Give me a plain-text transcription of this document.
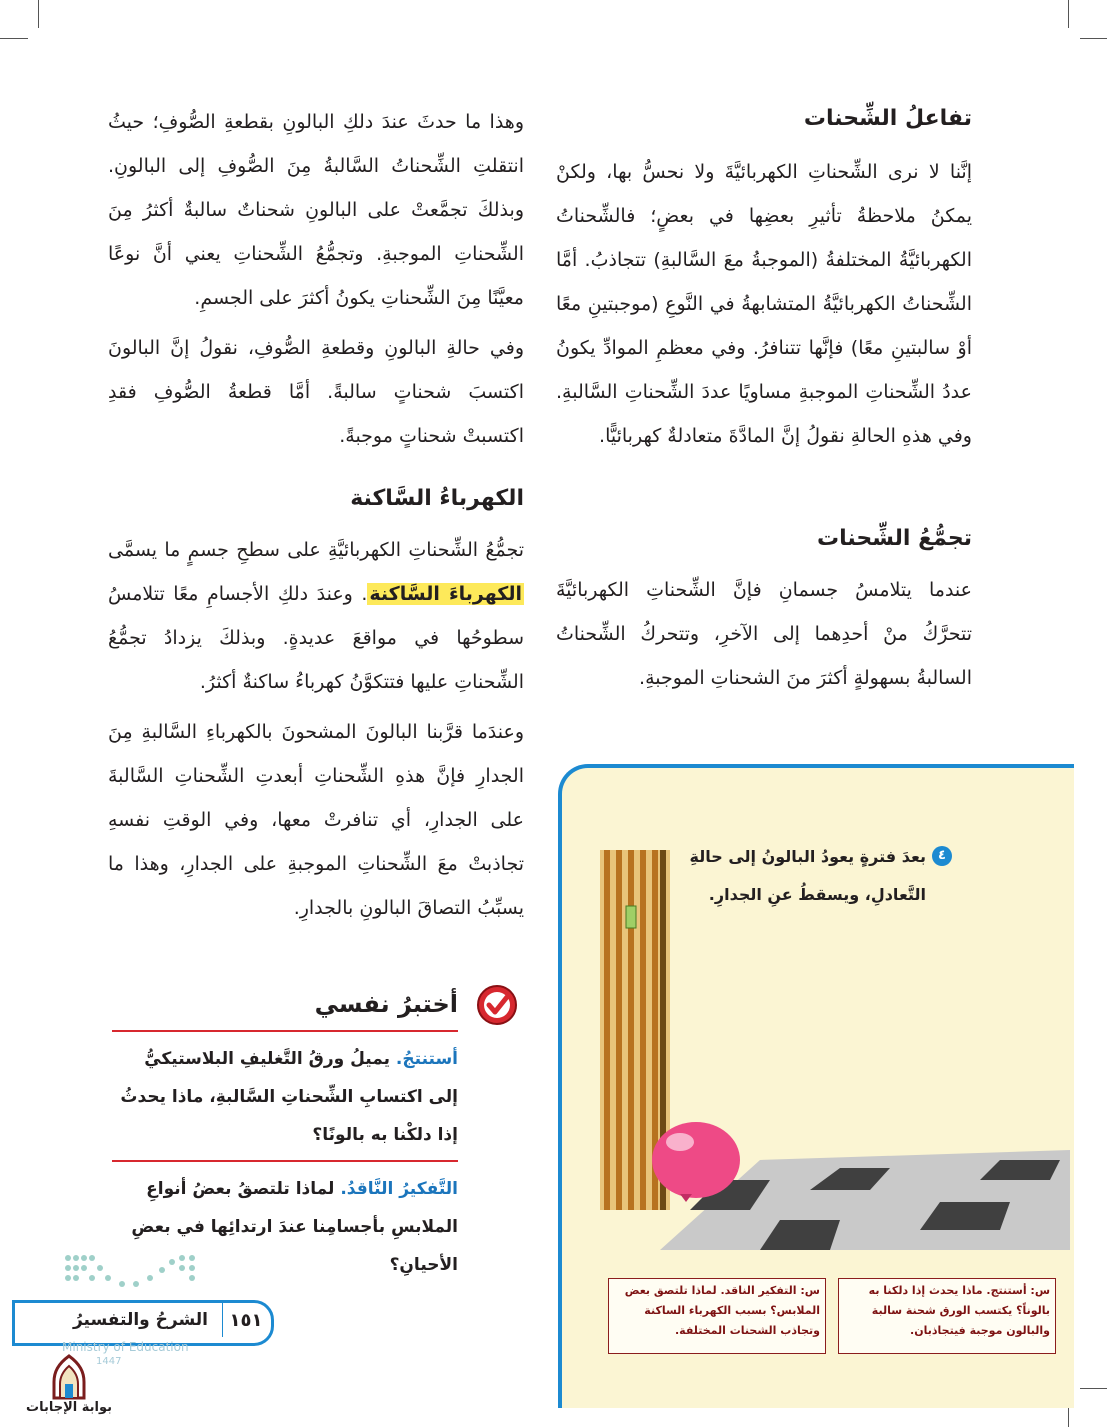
تفاعلُ الشِّحنات
إنَّنا لا نرى الشِّحناتِ الكهربائيَّةَ ولا نحسُّ بها، ولكنْ يمكنُ ملاحظةُ تأثيرِ بعضِها في بعضٍ؛ فالشِّحناتُ الكهربائيَّةُ المختلفةُ (الموجبةُ معَ السَّالبةِ) تتجاذبُ. أمَّا الشِّحناتُ الكهربائيَّةُ المتشابهةُ في النَّوعِ (موجبتينِ معًا أوْ سالبتينِ معًا) فإنَّها تتنافرُ. وفي معظمِ الموادِّ يكونُ عددُ الشِّحناتِ الموجبةِ مساويًا عددَ الشِّحناتِ السَّالبةِ. وفي هذهِ الحالةِ نقولُ إنَّ المادَّةَ متعادلةٌ كهربائيًّا.
تجمُّعُ الشِّحنات
عندما يتلامسُ جسمانِ فإنَّ الشِّحناتِ الكهربائيَّةَ تتحرَّكُ منْ أحدِهما إلى الآخرِ، وتتحركُ الشِّحناتُ السالبةُ بسهولةٍ أكثرَ منَ الشحناتِ الموجبةِ.

وهذا ما حدثَ عندَ دلكِ البالونِ بقطعةِ الصُّوفِ؛ حيثُ انتقلتِ الشِّحناتُ السَّالبةُ مِنَ الصُّوفِ إلى البالونِ. وبذلكَ تجمَّعتْ على البالونِ شحناتٌ سالبةٌ أكثرُ مِنَ الشِّحناتِ الموجبةِ. وتجمُّعُ الشِّحناتِ يعني أنَّ نوعًا معيَّنًا مِنَ الشِّحناتِ يكونُ أكثرَ على الجسمِ.

وفي حالةِ البالونِ وقطعةِ الصُّوفِ، نقولُ إنَّ البالونَ اكتسبَ شحناتٍ سالبةً. أمَّا قطعةُ الصُّوفِ فقدِ اكتسبتْ شحناتٍ موجبةً.

الكهرباءُ السَّاكنة

تجمُّعُ الشِّحناتِ الكهربائيَّةِ على سطحِ جسمٍ ما يسمَّى الكهرباءَ السَّاكنة. وعندَ دلكِ الأجسامِ معًا تتلامسُ سطوحُها في مواقعَ عديدةٍ. وبذلكَ يزدادُ تجمُّعُ الشِّحناتِ عليها فتتكوَّنُ كهرباءُ ساكنةٌ أكثرُ.

وعندَما قرَّبنا البالونَ المشحونَ بالكهرباءِ السَّالبةِ مِنَ الجدارِ فإنَّ هذهِ الشِّحناتِ أبعدتِ الشِّحناتِ السَّالبةَ على الجدارِ، أي تنافرتْ معها، وفي الوقتِ نفسهِ تجاذبتْ معَ الشِّحناتِ الموجبةِ على الجدارِ، وهذا ما يسبِّبُ التصاقَ البالونِ بالجدارِ.

أختبرُ نفسي
أستنتجُ. يميلُ ورقُ التَّغليفِ البلاستيكيُّ إلى اكتسابِ الشِّحناتِ السَّالبةِ، ماذا يحدثُ إذا دلكْنا به بالونًا؟
التَّفكيرُ النَّاقدُ. لماذا تلتصقُ بعضُ أنواعِ الملابسِ بأجسامِنا عندَ ارتدائِها في بعضِ الأحيانِ؟
الشرحُ والتفسيرُ ١٥١
Ministry of Education
1447
بوابة الإجابات
٤
بعدَ فترةٍ يعودُ البالونُ إلى حالةِ التَّعادلِ، ويسقطُ عنِ الجدارِ.
س: أستنتج. ماذا يحدث إذا دلكنا به بالوناً؟ يكتسب الورق شحنة سالبة والبالون موجبة فيتجاذبان.
س: التفكير الناقد. لماذا تلتصق بعض الملابس؟ بسبب الكهرباء الساكنة وتجاذب الشحنات المختلفة.
